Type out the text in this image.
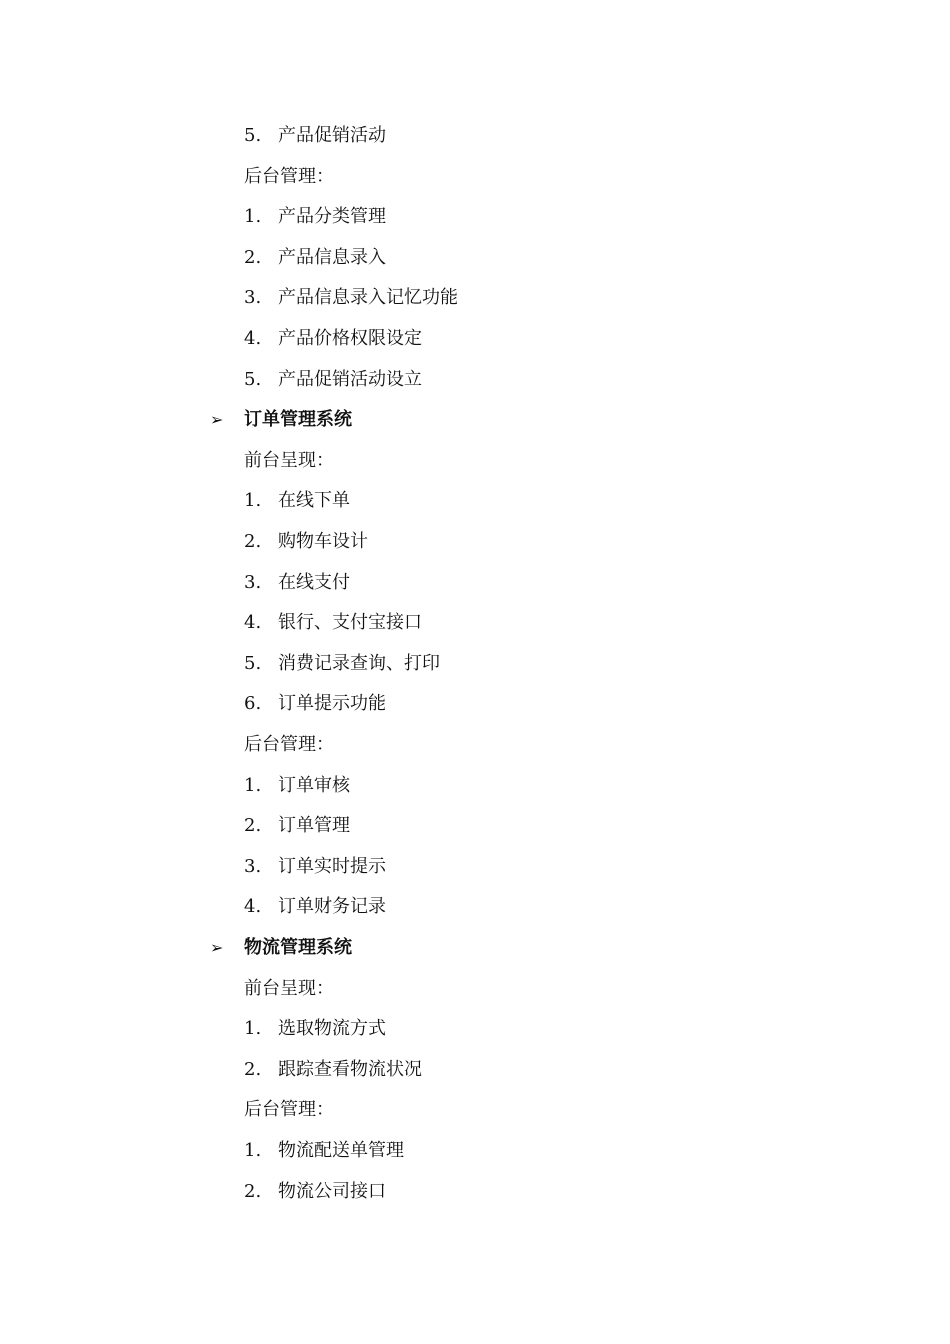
5. 产品促销活动
后台管理：
1. 产品分类管理
2. 产品信息录入
3. 产品信息录入记忆功能
4. 产品价格权限设定
5. 产品促销活动设立
➢ 订单管理系统
前台呈现：
1. 在线下单
2. 购物车设计
3. 在线支付
4. 银行、支付宝接口
5. 消费记录查询、打印
6. 订单提示功能
后台管理：
1. 订单审核
2. 订单管理
3. 订单实时提示
4. 订单财务记录
➢ 物流管理系统
前台呈现：
1. 选取物流方式
2. 跟踪查看物流状况
后台管理：
1. 物流配送单管理
2. 物流公司接口
